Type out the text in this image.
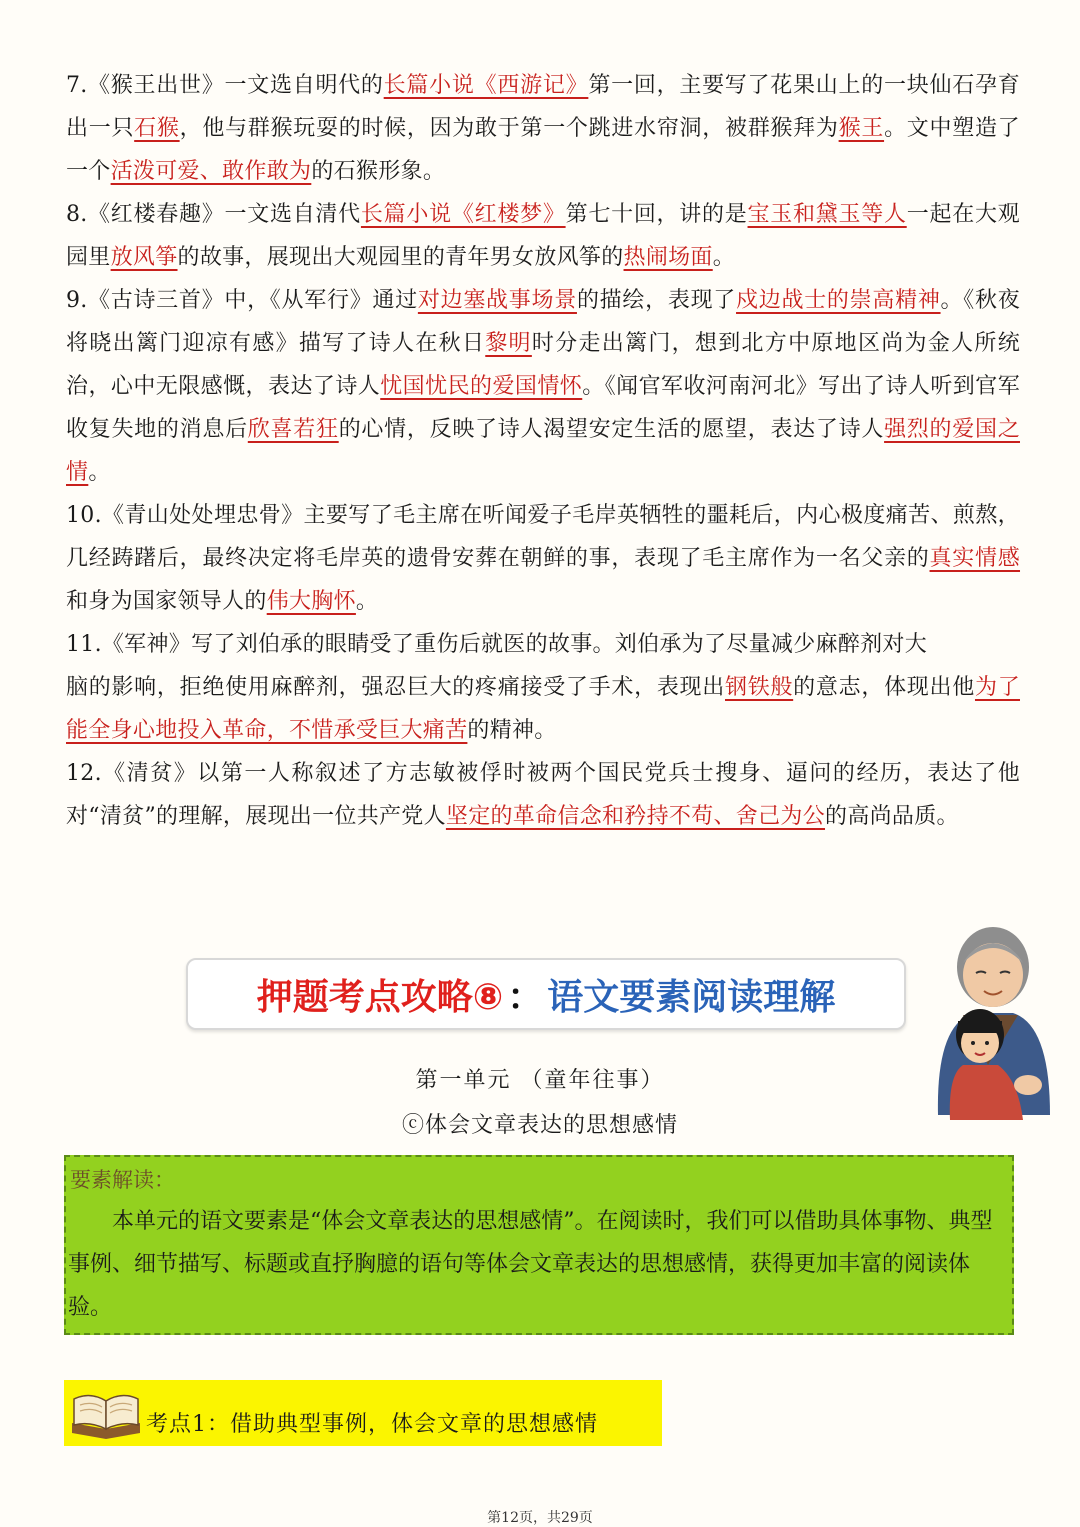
7.《猴王出世》一文选自明代的长篇小说《西游记》第一回，主要写了花果山上的一块仙石孕育出一只石猴，他与群猴玩耍的时候，因为敢于第一个跳进水帘洞，被群猴拜为猴王。文中塑造了一个活泼可爱、敢作敢为的石猴形象。
8.《红楼春趣》一文选自清代长篇小说《红楼梦》第七十回，讲的是宝玉和黛玉等人一起在大观园里放风筝的故事，展现出大观园里的青年男女放风筝的热闹场面。
9.《古诗三首》中，《从军行》通过对边塞战事场景的描绘，表现了戍边战士的崇高精神。《秋夜将晓出篱门迎凉有感》描写了诗人在秋日黎明时分走出篱门，想到北方中原地区尚为金人所统治，心中无限感慨，表达了诗人忧国忧民的爱国情怀。《闻官军收河南河北》写出了诗人听到官军收复失地的消息后欣喜若狂的心情，反映了诗人渴望安定生活的愿望，表达了诗人强烈的爱国之情。
10.《青山处处埋忠骨》主要写了毛主席在听闻爱子毛岸英牺牲的噩耗后，内心极度痛苦、煎熬，几经踌躇后，最终决定将毛岸英的遗骨安葬在朝鲜的事，表现了毛主席作为一名父亲的真实情感和身为国家领导人的伟大胸怀。
11.《军神》写了刘伯承的眼睛受了重伤后就医的故事。刘伯承为了尽量减少麻醉剂对大
脑的影响，拒绝使用麻醉剂，强忍巨大的疼痛接受了手术，表现出钢铁般的意志，体现出他为了能全身心地投入革命，不惜承受巨大痛苦的精神。
12.《清贫》以第一人称叙述了方志敏被俘时被两个国民党兵士搜身、逼问的经历，表达了他对“清贫”的理解，展现出一位共产党人坚定的革命信念和矜持不苟、舍己为公的高尚品质。
押题考点攻略⑧ ： 语文要素阅读理解
第一单元 （童年往事）
ⓒ体会文章表达的思想感情
要素解读：
本单元的语文要素是“体会文章表达的思想感情”。在阅读时，我们可以借助具体事物、典型事例、细节描写、标题或直抒胸臆的语句等体会文章表达的思想感情，获得更加丰富的阅读体验。
考点1：借助典型事例，体会文章的思想感情
第12页，共29页
